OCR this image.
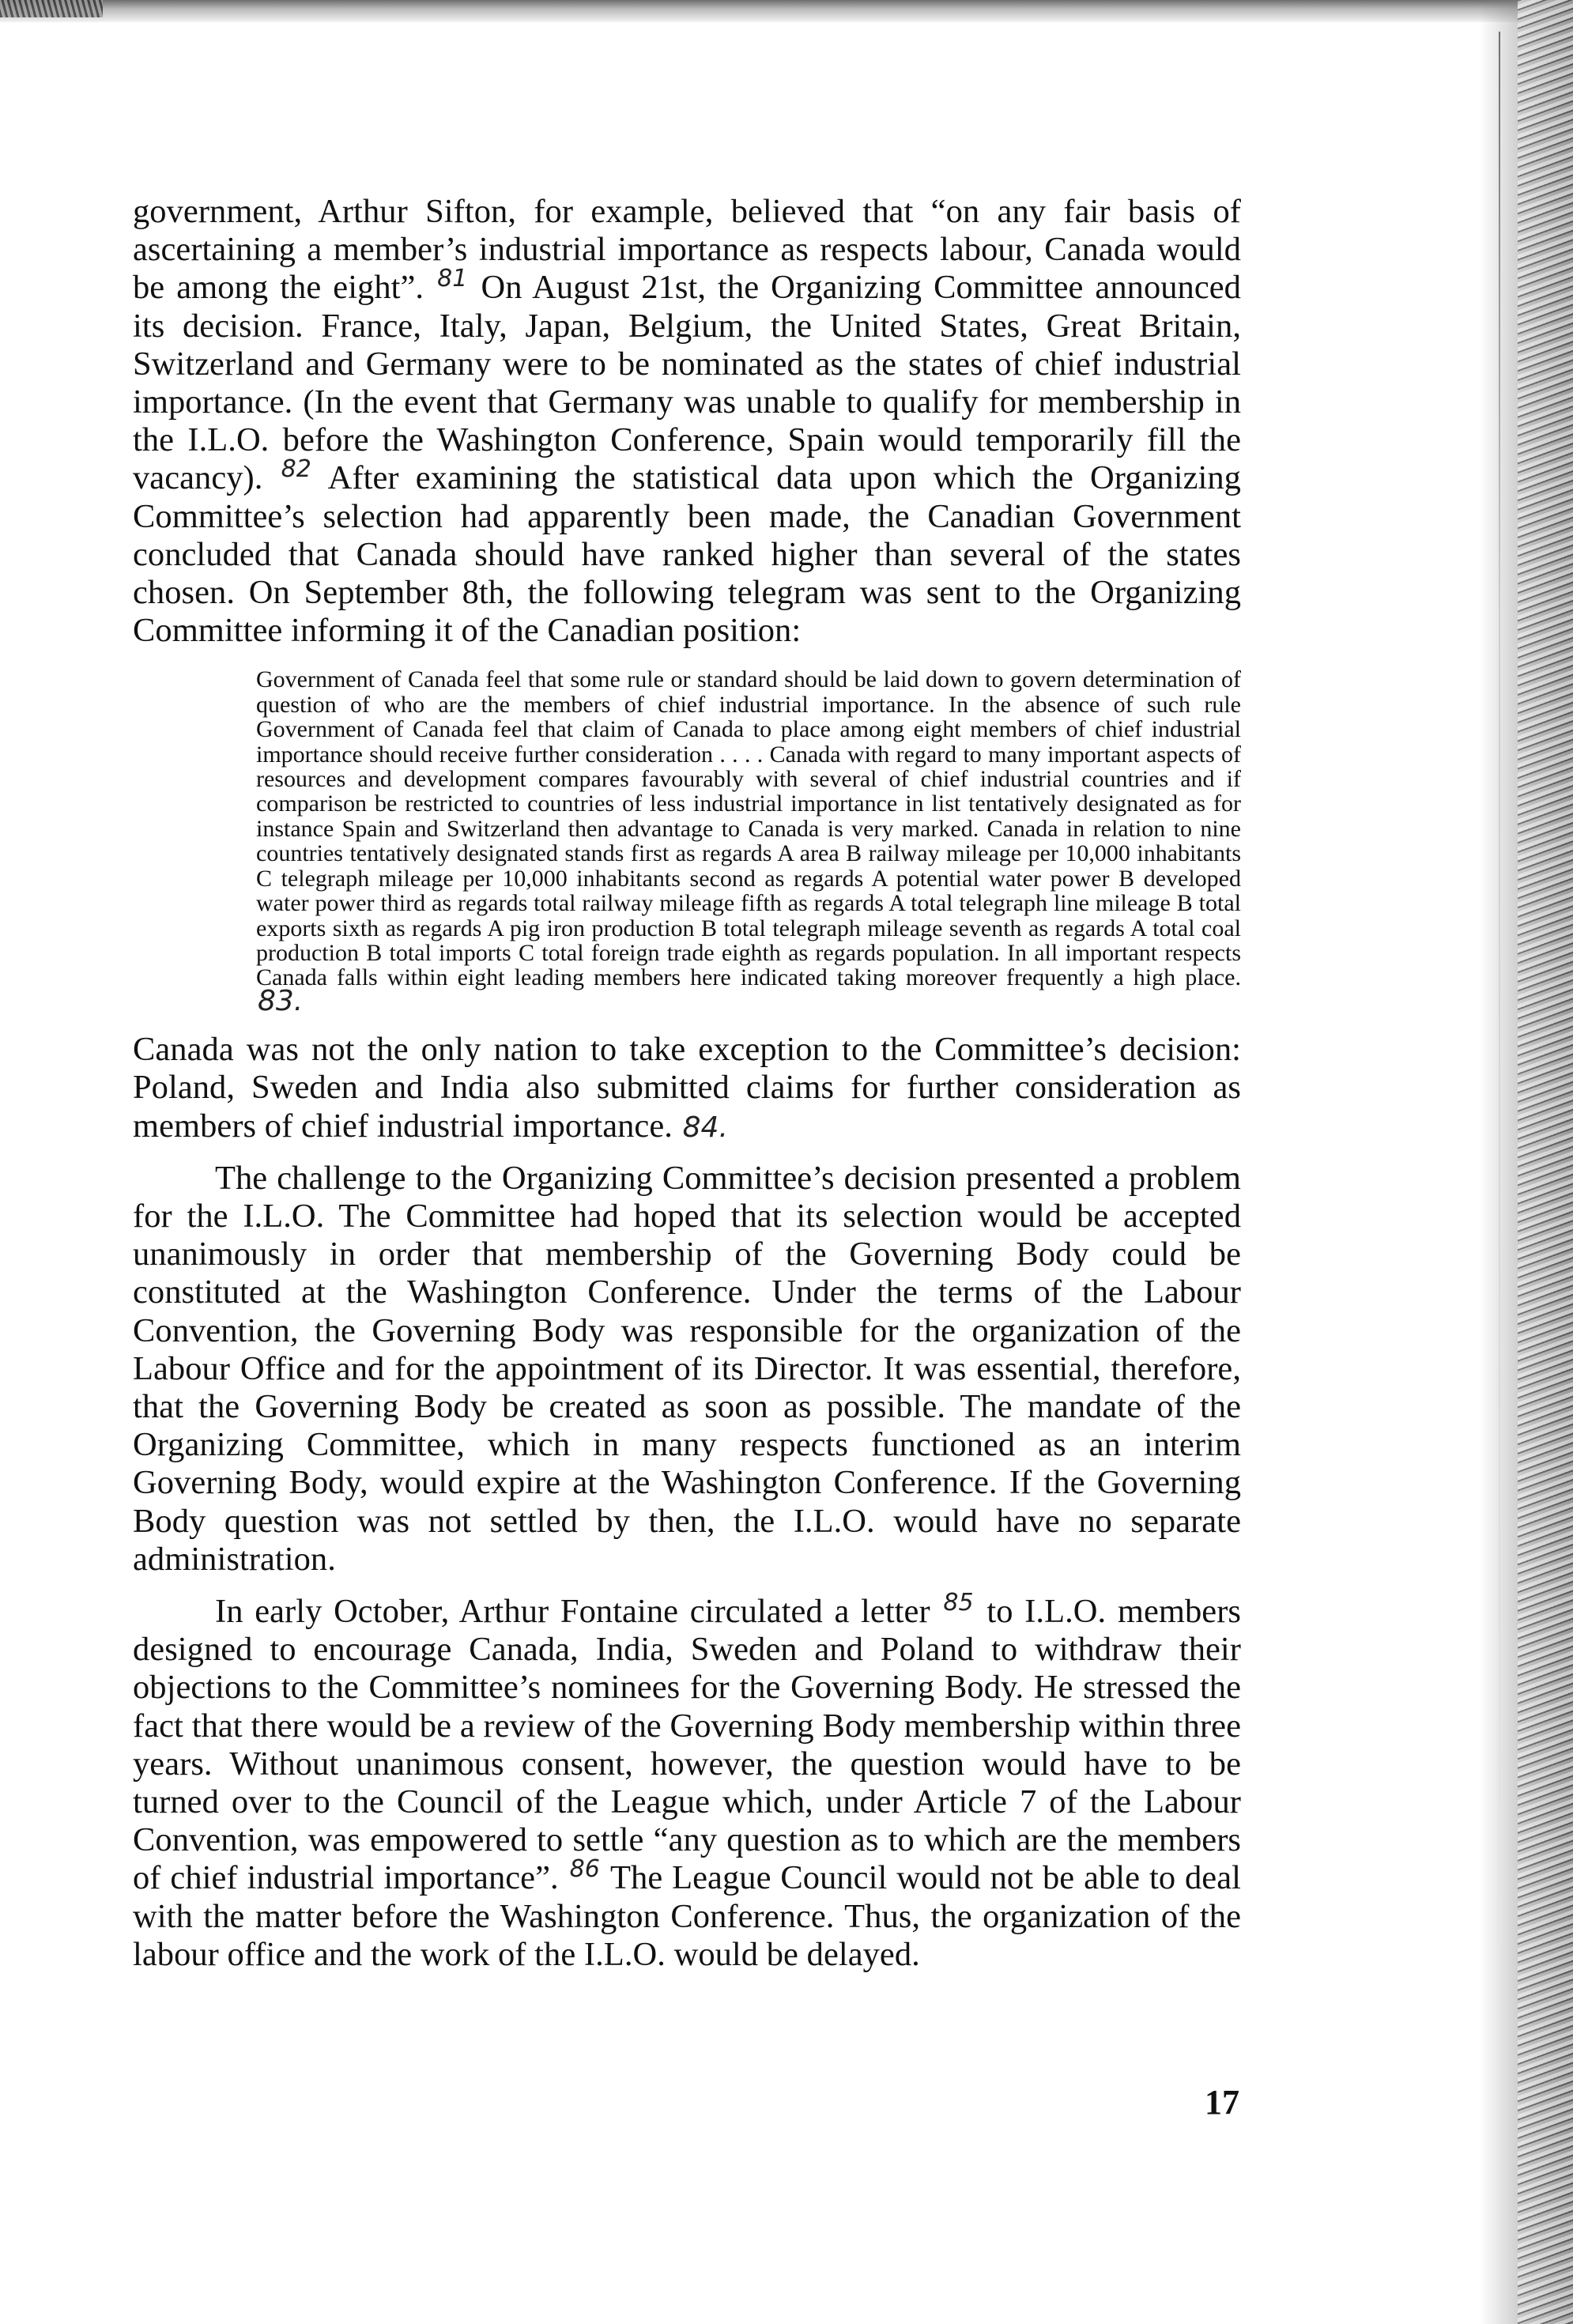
government, Arthur Sifton, for example, believed that “on any fair basis of ascertaining a member’s industrial importance as respects labour, Canada would be among the eight”. $^{81}$ On August 21st, the Organizing Committee announced its decision. France, Italy, Japan, Belgium, the United States, Great Britain, Switzerland and Germany were to be nominated as the states of chief industrial importance. (In the event that Germany was unable to qualify for membership in the I.L.O. before the Washington Conference, Spain would temporarily fill the vacancy). $^{82}$ After examining the statistical data upon which the Organizing Committee’s selection had apparently been made, the Canadian Government concluded that Canada should have ranked higher than several of the states chosen. On September 8th, the following telegram was sent to the Organizing Committee informing it of the Canadian position:

Government of Canada feel that some rule or standard should be laid down to govern determination of question of who are the members of chief industrial importance. In the absence of such rule Government of Canada feel that claim of Canada to place among eight members of chief industrial importance should receive further consideration . . . . Canada with regard to many important aspects of resources and development compares favourably with several of chief industrial countries and if comparison be restricted to countries of less industrial importance in list tentatively designated as for instance Spain and Switzerland then advantage to Canada is very marked. Canada in relation to nine countries tentatively designated stands first as regards A area B railway mileage per 10,000 inhabitants C telegraph mileage per 10,000 inhabitants second as regards A potential water power B developed water power third as regards total railway mileage fifth as regards A total telegraph line mileage B total exports sixth as regards A pig iron production B total telegraph mileage seventh as regards A total coal production B total imports C total foreign trade eighth as regards population. In all important respects Canada falls within eight leading members here indicated taking moreover frequently a high place. 83.

Canada was not the only nation to take exception to the Committee’s decision: Poland, Sweden and India also submitted claims for further consideration as members of chief industrial importance. 84.

The challenge to the Organizing Committee’s decision presented a problem for the I.L.O. The Committee had hoped that its selection would be accepted unanimously in order that membership of the Governing Body could be constituted at the Washington Conference. Under the terms of the Labour Convention, the Governing Body was responsible for the organization of the Labour Office and for the appointment of its Director. It was essential, therefore, that the Governing Body be created as soon as possible. The mandate of the Organizing Committee, which in many respects functioned as an interim Governing Body, would expire at the Washington Conference. If the Governing Body question was not settled by then, the I.L.O. would have no separate administration.

In early October, Arthur Fontaine circulated a letter $^{85}$ to I.L.O. members designed to encourage Canada, India, Sweden and Poland to withdraw their objections to the Committee’s nominees for the Governing Body. He stressed the fact that there would be a review of the Governing Body membership within three years. Without unanimous consent, however, the question would have to be turned over to the Council of the League which, under Article 7 of the Labour Convention, was empowered to settle “any question as to which are the members of chief industrial importance”. $^{86}$ The League Council would not be able to deal with the matter before the Washington Conference. Thus, the organization of the labour office and the work of the I.L.O. would be delayed.

17
